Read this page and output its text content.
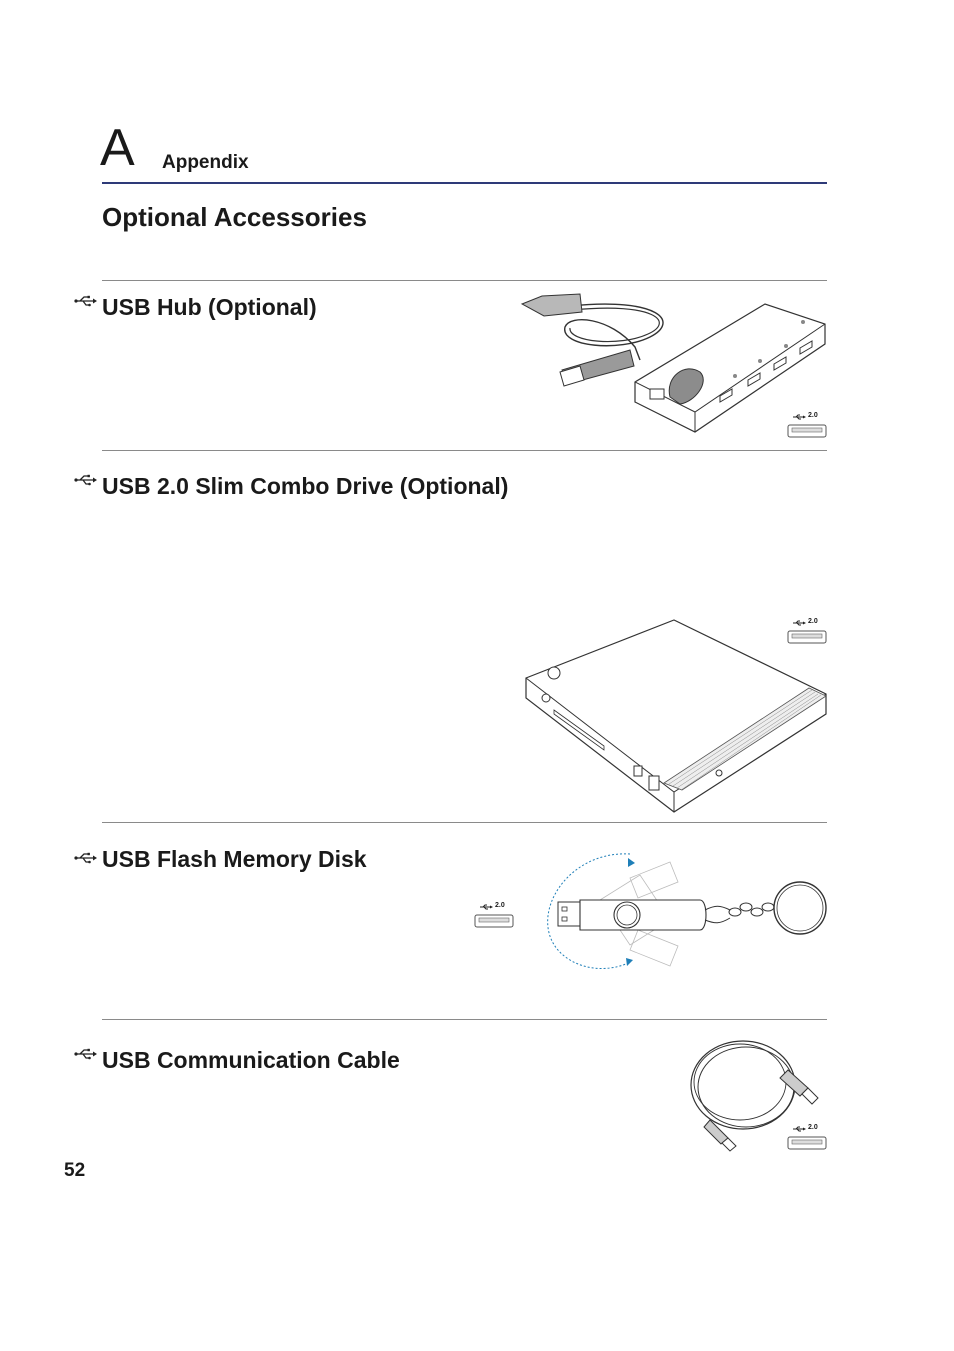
A Appendix
Optional Accessories
USB Hub (Optional)
2.0
USB 2.0 Slim Combo Drive (Optional)
2.0
USB Flash Memory Disk
2.0
USB Communication Cable
2.0
52
